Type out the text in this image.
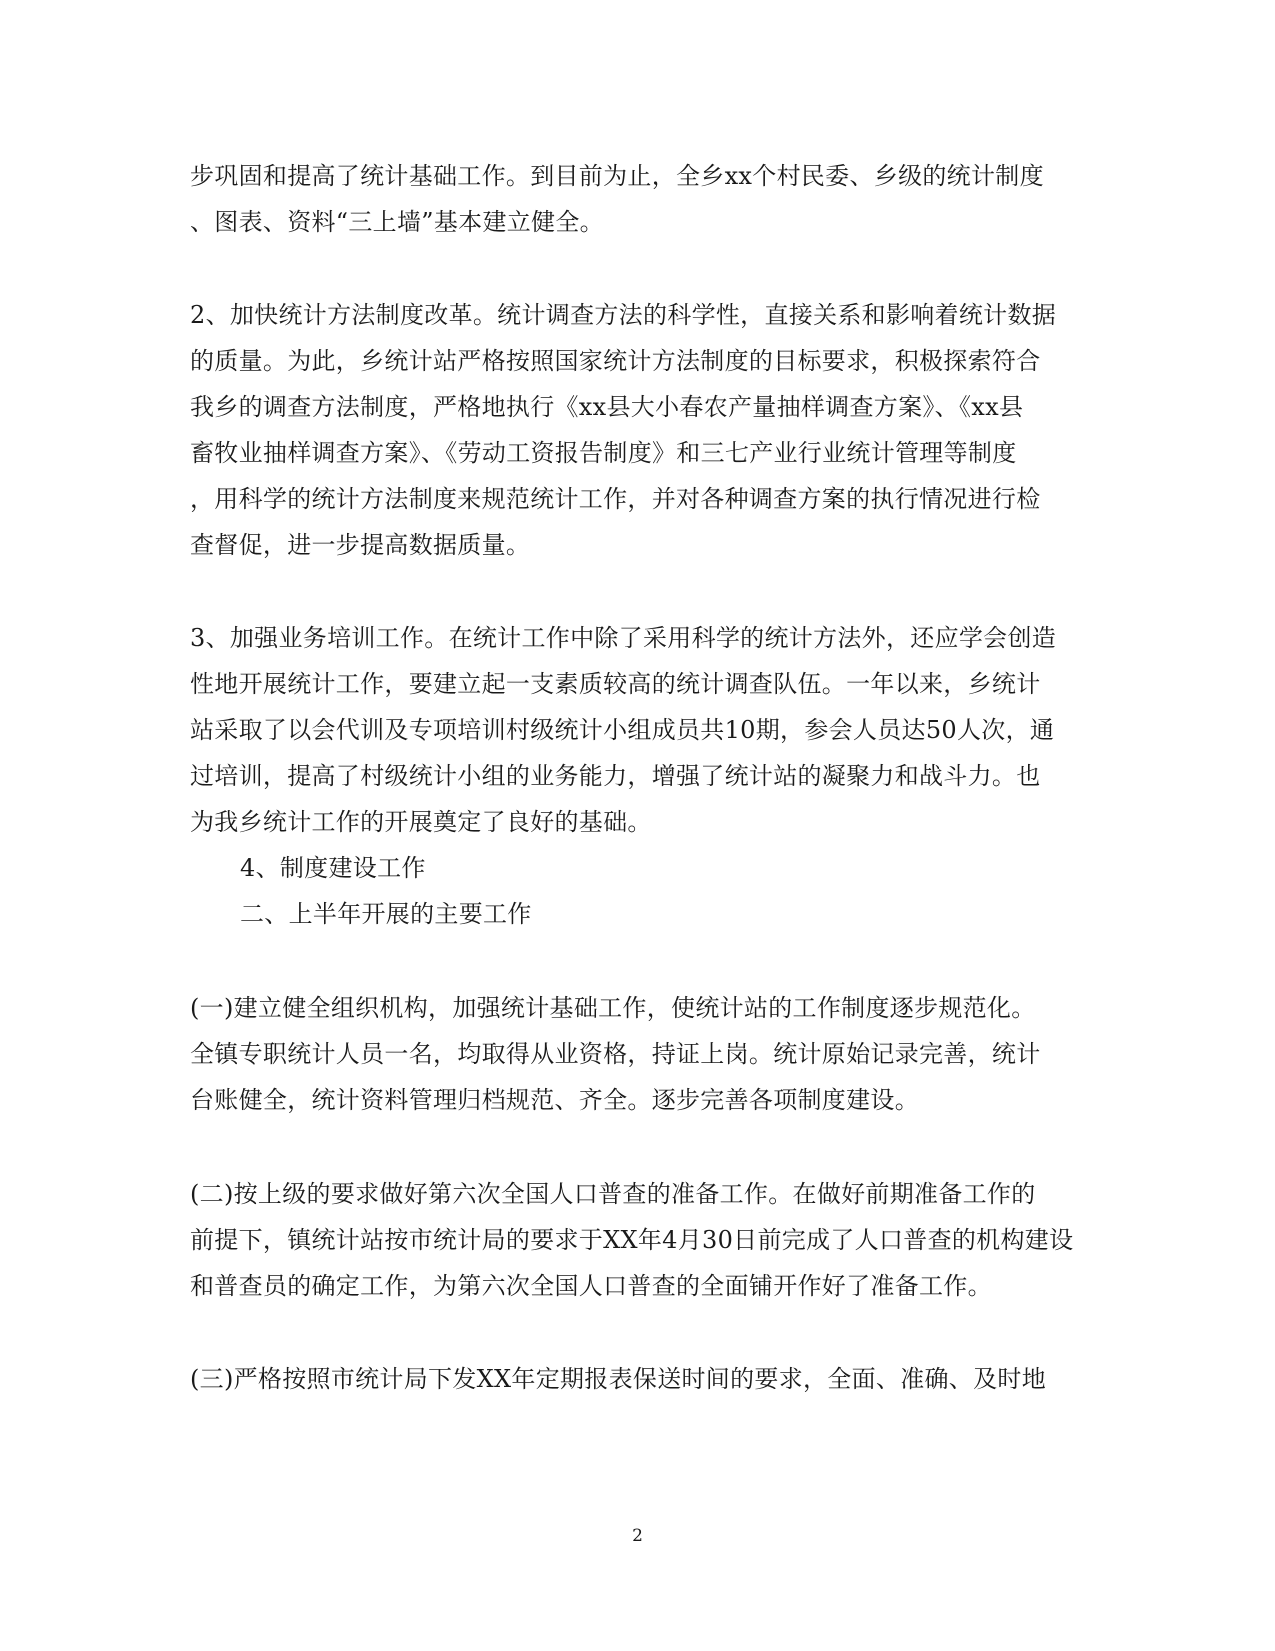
步巩固和提高了统计基础工作。到目前为止，全乡xx个村民委、乡级的统计制度
、图表、资料“三上墙”基本建立健全。
2、加快统计方法制度改革。统计调查方法的科学性，直接关系和影响着统计数据
的质量。为此，乡统计站严格按照国家统计方法制度的目标要求，积极探索符合
我乡的调查方法制度，严格地执行《xx县大小春农产量抽样调查方案》、《xx县
畜牧业抽样调查方案》、《劳动工资报告制度》和三七产业行业统计管理等制度
，用科学的统计方法制度来规范统计工作，并对各种调查方案的执行情况进行检
查督促，进一步提高数据质量。
3、加强业务培训工作。在统计工作中除了采用科学的统计方法外，还应学会创造
性地开展统计工作，要建立起一支素质较高的统计调查队伍。一年以来，乡统计
站采取了以会代训及专项培训村级统计小组成员共10期，参会人员达50人次，通
过培训，提高了村级统计小组的业务能力，增强了统计站的凝聚力和战斗力。也
为我乡统计工作的开展奠定了良好的基础。
4、制度建设工作
二、上半年开展的主要工作
(一)建立健全组织机构，加强统计基础工作，使统计站的工作制度逐步规范化。
全镇专职统计人员一名，均取得从业资格，持证上岗。统计原始记录完善，统计
台账健全，统计资料管理归档规范、齐全。逐步完善各项制度建设。
(二)按上级的要求做好第六次全国人口普查的准备工作。在做好前期准备工作的
前提下，镇统计站按市统计局的要求于XX年4月30日前完成了人口普查的机构建设
和普查员的确定工作，为第六次全国人口普查的全面铺开作好了准备工作。
(三)严格按照市统计局下发XX年定期报表保送时间的要求，全面、准确、及时地
2
